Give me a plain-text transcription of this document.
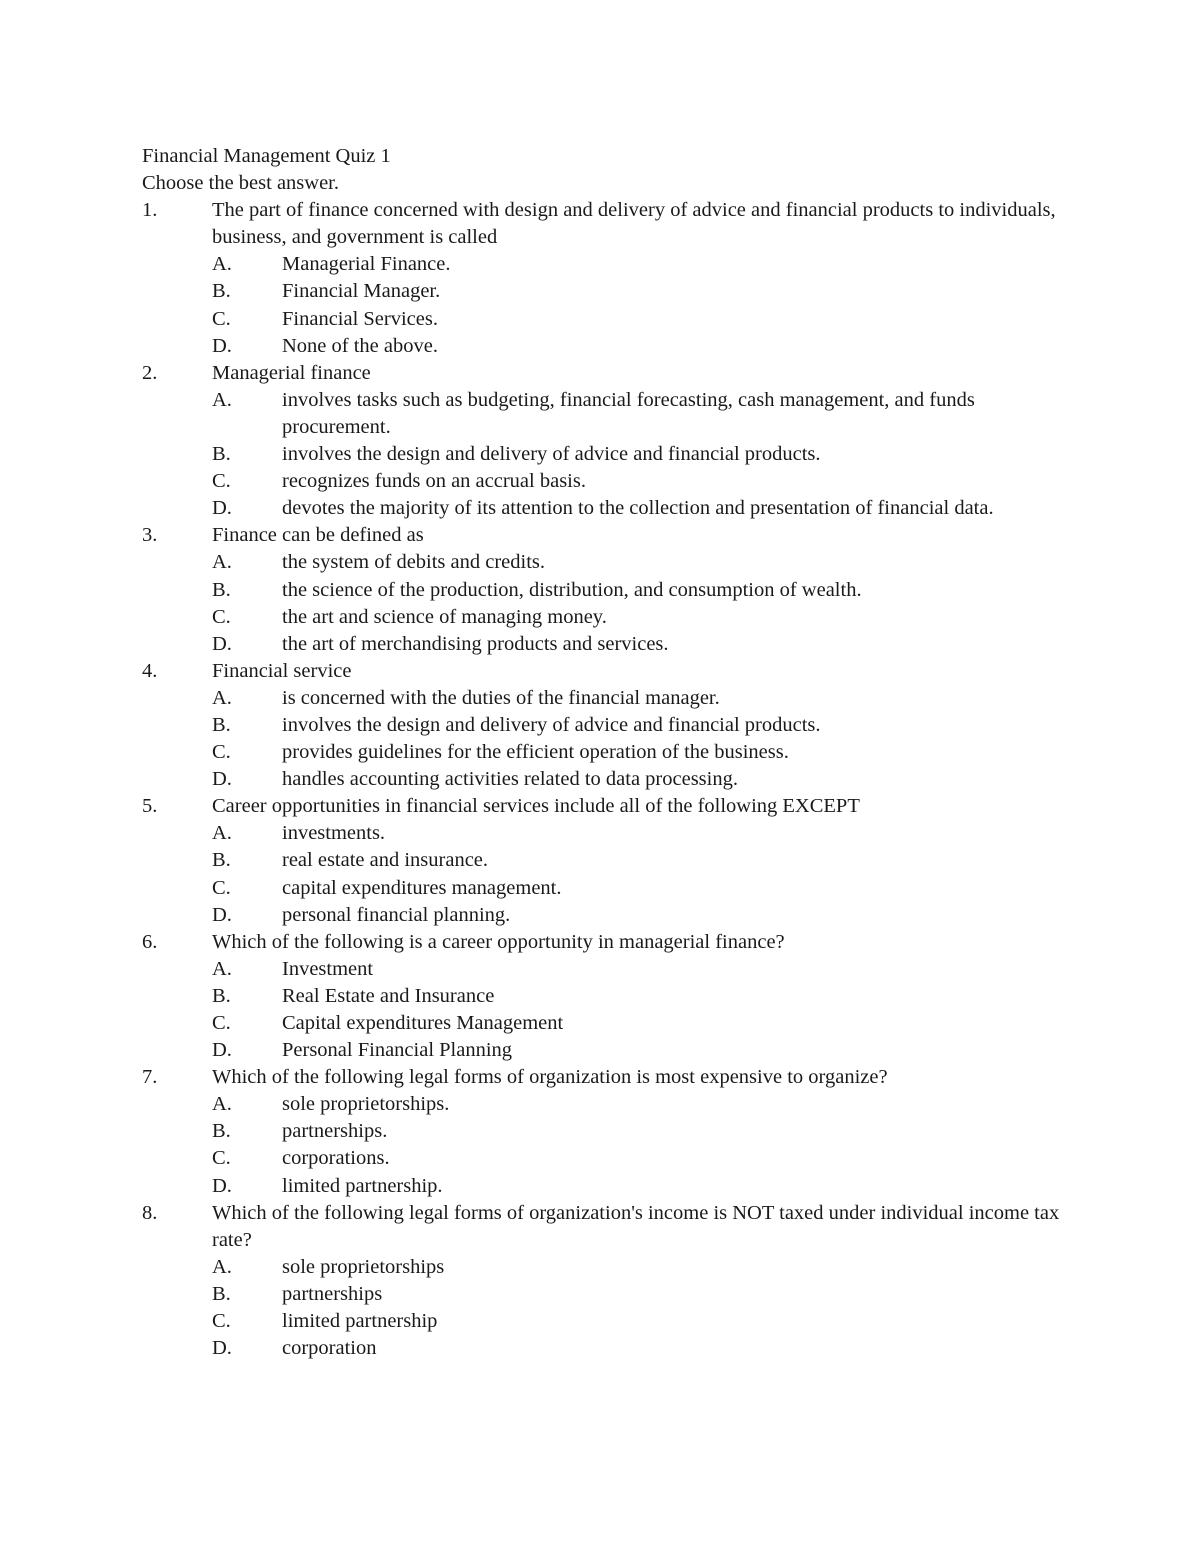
Financial Management Quiz 1
Choose the best answer.
1.	The part of finance concerned with design and delivery of advice and financial products to individuals, business, and government is called
A. Managerial Finance.
B. Financial Manager.
C. Financial Services.
D. None of the above.
2.	Managerial finance
A. involves tasks such as budgeting, financial forecasting, cash management, and funds procurement.
B. involves the design and delivery of advice and financial products.
C. recognizes funds on an accrual basis.
D. devotes the majority of its attention to the collection and presentation of financial data.
3.	Finance can be defined as
A. the system of debits and credits.
B. the science of the production, distribution, and consumption of wealth.
C. the art and science of managing money.
D. the art of merchandising products and services.
4.	Financial service
A. is concerned with the duties of the financial manager.
B. involves the design and delivery of advice and financial products.
C. provides guidelines for the efficient operation of the business.
D. handles accounting activities related to data processing.
5.	Career opportunities in financial services include all of the following EXCEPT
A. investments.
B. real estate and insurance.
C. capital expenditures management.
D. personal financial planning.
6.	Which of the following is a career opportunity in managerial finance?
A. Investment
B. Real Estate and Insurance
C. Capital expenditures Management
D. Personal Financial Planning
7.	Which of the following legal forms of organization is most expensive to organize?
A. sole proprietorships.
B. partnerships.
C. corporations.
D. limited partnership.
8.	Which of the following legal forms of organization's income is NOT taxed under individual income tax rate?
A. sole proprietorships
B. partnerships
C. limited partnership
D. corporation
